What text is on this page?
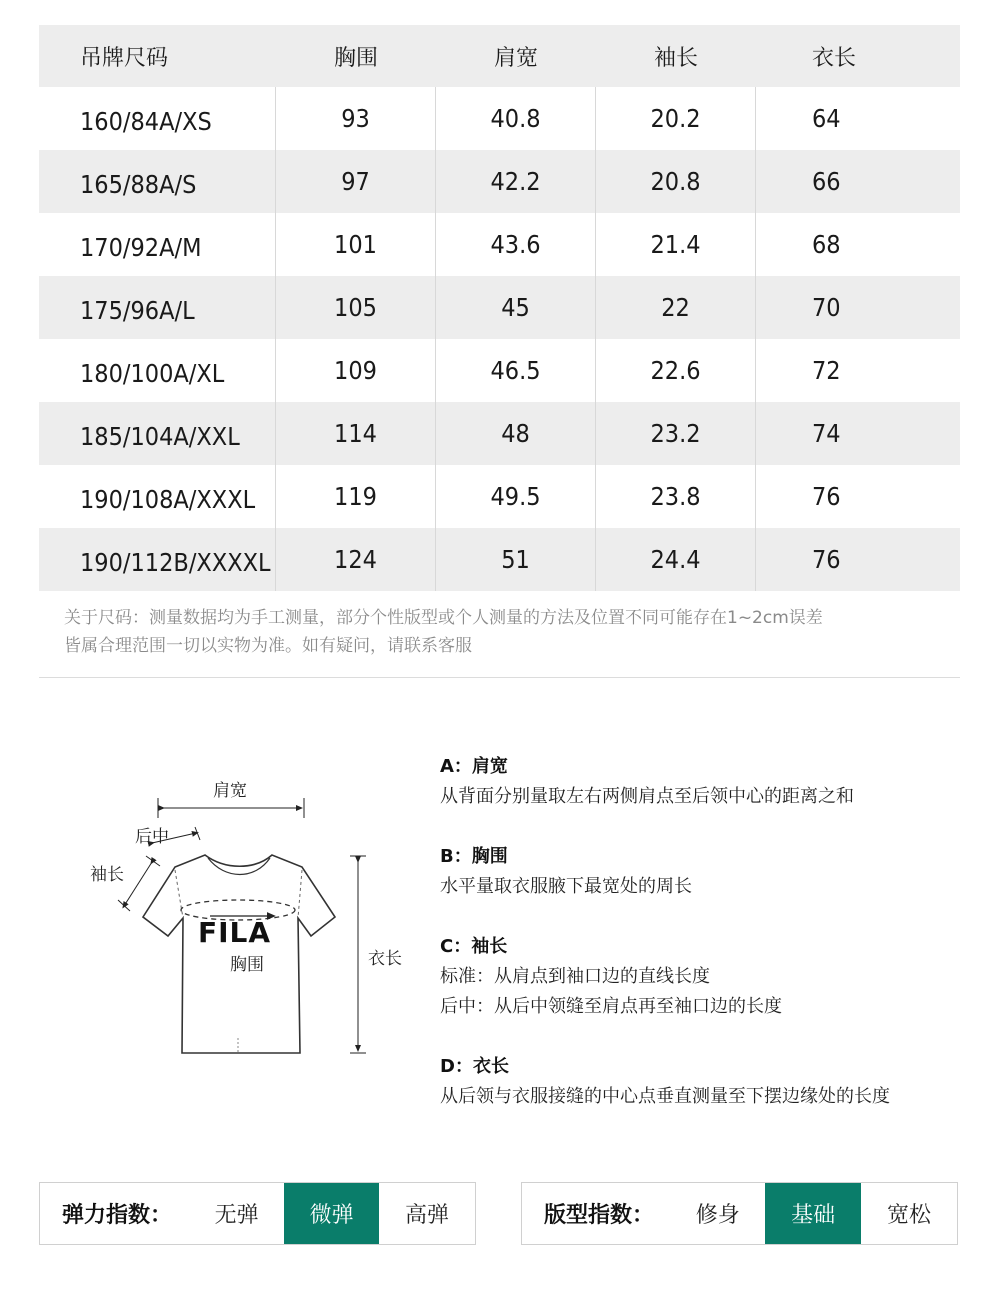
吊牌尺码	胸围	肩宽	袖长	衣长
160/84A/XS	93	40.8	20.2	64
165/88A/S	97	42.2	20.8	66
170/92A/M	101	43.6	21.4	68
175/96A/L	105	45	22	70
180/100A/XL	109	46.5	22.6	72
185/104A/XXL	114	48	23.2	74
190/108A/XXXL	119	49.5	23.8	76
190/112B/XXXXL	124	51	24.4	76

关于尺码：测量数据均为手工测量，部分个性版型或个人测量的方法及位置不同可能存在1~2cm误差
皆属合理范围一切以实物为准。如有疑问，请联系客服

肩宽
后中
袖长
胸围	衣长
FILA
A：肩宽
从背面分别量取左右两侧肩点至后领中心的距离之和
B：胸围
水平量取衣服腋下最宽处的周长
C：袖长
标准：从肩点到袖口边的直线长度
后中：从后中领缝至肩点再至袖口边的长度
D：衣长
从后领与衣服接缝的中心点垂直测量至下摆边缘处的长度
弹力指数：	无弹	微弹	高弹	版型指数：	修身	基础	宽松
